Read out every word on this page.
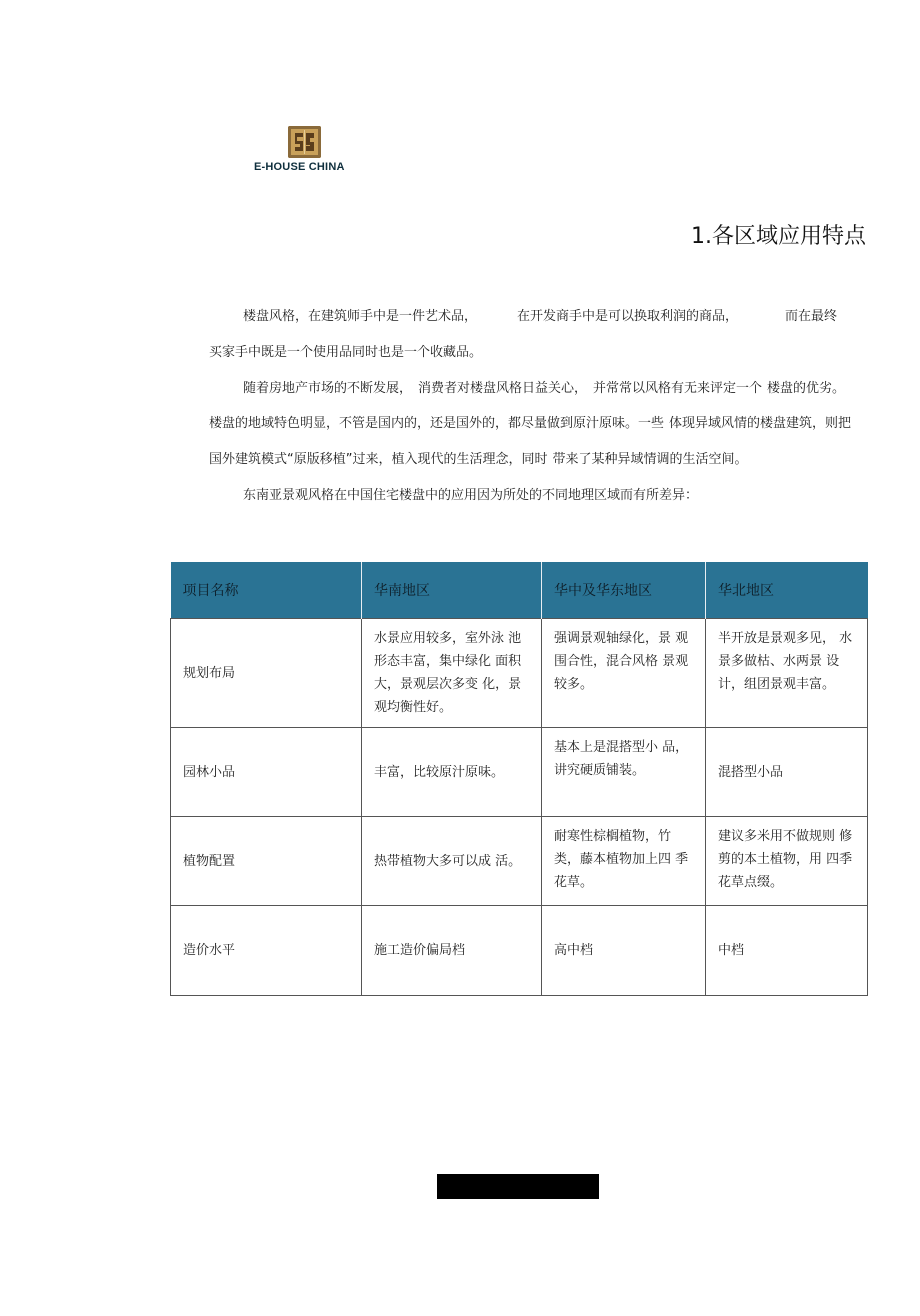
E-HOUSE CHINA
1.各区域应用特点
楼盘风格，在建筑师手中是一件艺术品，	在开发商手中是可以换取利润的商品，	而在最终
买家手中既是一个使用品同时也是一个收藏品。
随着房地产市场的不断发展， 消费者对楼盘风格日益关心， 并常常以风格有无来评定一个 楼盘的优劣。
楼盘的地域特色明显，不管是国内的，还是国外的，都尽量做到原汁原味。一些 体现异域风情的楼盘建筑，则把
国外建筑模式“原版移植”过来，植入现代的生活理念，同时 带来了某种异域情调的生活空间。
东南亚景观风格在中国住宅楼盘中的应用因为所处的不同地理区域而有所差异：
项目名称	华南地区	华中及华东地区	华北地区
规划布局	水景应用较多，室外泳 池形态丰富，集中绿化 面积大，景观层次多变 化，景观均衡性好。	强调景观轴绿化，景 观围合性，混合风格 景观较多。	半开放是景观多见， 水景多做枯、水两景 设计，组团景观丰富。
园林小品	丰富，比较原汁原味。	基本上是混搭型小 品，讲究硬质铺装。	混搭型小品
植物配置	热带植物大多可以成 活。	耐寒性棕榈植物，竹 类，藤本植物加上四 季花草。	建议多米用不做规则 修剪的本土植物，用 四季花草点缀。
造价水平	施工造价偏局档	高中档	中档
